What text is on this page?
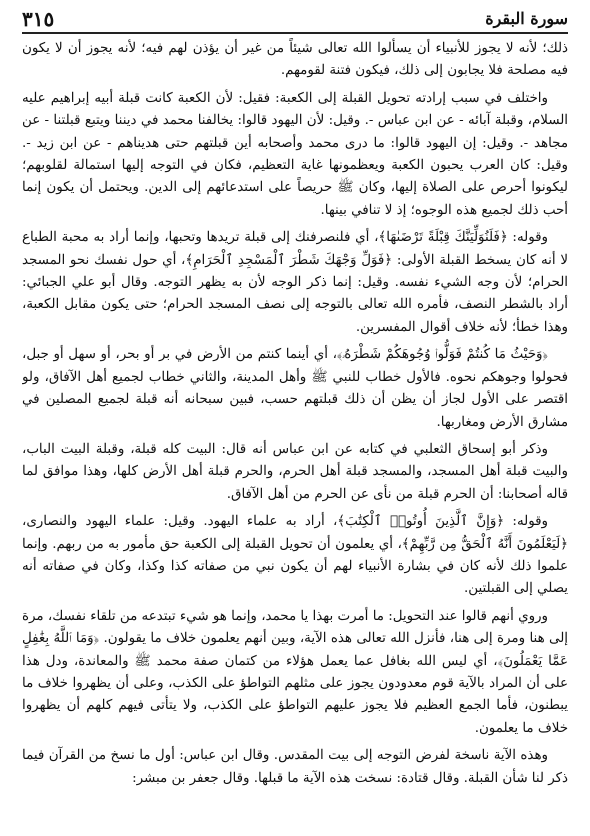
سورة البقرة
٣١٥

ذلك؛ لأنه لا يجوز للأنبياء أن يسألوا الله تعالى شيئاً من غير أن يؤذن لهم فيه؛ لأنه يجوز أن لا يكون فيه مصلحة فلا يجابون إلى ذلك، فيكون فتنة لقومهم.

واختلف في سبب إرادته تحويل القبلة إلى الكعبة: فقيل: لأن الكعبة كانت قبلة أبيه إبراهيم عليه السلام، وقبلة آبائه - عن ابن عباس -. وقيل: لأن اليهود قالوا: يخالفنا محمد في ديننا ويتبع قبلتنا - عن مجاهد -. وقيل: إن اليهود قالوا: ما درى محمد وأصحابه أين قبلتهم حتى هديناهم - عن ابن زيد -. وقيل: كان العرب يحبون الكعبة ويعظمونها غاية التعظيم، فكان في التوجه إليها استمالة لقلوبهم؛ ليكونوا أحرص على الصلاة إليها، وكان ﷺ حريصاً على استدعائهم إلى الدين. ويحتمل أن يكون إنما أحب ذلك لجميع هذه الوجوه؛ إذ لا تنافي بينها.

وقوله: ﴿فَلَنُوَلِّيَنَّكَ قِبْلَةً تَرْضَىٰهَا﴾، أي فلنصرفنك إلى قبلة تريدها وتحبها، وإنما أراد به محبة الطباع لا أنه كان يسخط القبلة الأولى: ﴿فَوَلِّ وَجْهَكَ شَطْرَ ٱلْمَسْجِدِ ٱلْحَرَامِ﴾، أي حول نفسك نحو المسجد الحرام؛ لأن وجه الشيء نفسه. وقيل: إنما ذكر الوجه لأن به يظهر التوجه. وقال أبو علي الجبائي: أراد بالشطر النصف، فأمره الله تعالى بالتوجه إلى نصف المسجد الحرام؛ حتى يكون مقابل الكعبة، وهذا خطأ؛ لأنه خلاف أقوال المفسرين.

﴿وَحَيْثُ مَا كُنتُمْ فَوَلُّوا۟ وُجُوهَكُمْ شَطْرَهُۥ﴾، أي أينما كنتم من الأرض في بر أو بحر، أو سهل أو جبل، فحولوا وجوهكم نحوه. فالأول خطاب للنبي ﷺ وأهل المدينة، والثاني خطاب لجميع أهل الآفاق، ولو اقتصر على الأول لجاز أن يظن أن ذلك قبلتهم حسب، فبين سبحانه أنه قبلة لجميع المصلين في مشارق الأرض ومغاربها.

وذكر أبو إسحاق الثعلبي في كتابه عن ابن عباس أنه قال: البيت كله قبلة، وقبلة البيت الباب، والبيت قبلة أهل المسجد، والمسجد قبلة أهل الحرم، والحرم قبلة أهل الأرض كلها، وهذا موافق لما قاله أصحابنا: أن الحرم قبلة من نأى عن الحرم من أهل الآفاق.

وقوله: ﴿وَإِنَّ ٱلَّذِينَ أُوتُوا۟ ٱلْكِتَٰبَ﴾، أراد به علماء اليهود. وقيل: علماء اليهود والنصارى، ﴿لَيَعْلَمُونَ أَنَّهُ ٱلْحَقُّ مِن رَّبِّهِمْ﴾، أي يعلمون أن تحويل القبلة إلى الكعبة حق مأمور به من ربهم. وإنما علموا ذلك لأنه كان في بشارة الأنبياء لهم أن يكون نبي من صفاته كذا وكذا، وكان في صفاته أنه يصلي إلى القبلتين.

وروي أنهم قالوا عند التحويل: ما أمرت بهذا يا محمد، وإنما هو شيء تبتدعه من تلقاء نفسك، مرة إلى هنا ومرة إلى هنا، فأنزل الله تعالى هذه الآية، وبين أنهم يعلمون خلاف ما يقولون. ﴿وَمَا ٱللَّهُ بِغَٰفِلٍ عَمَّا يَعْمَلُونَ﴾، أي ليس الله بغافل عما يعمل هؤلاء من كتمان صفة محمد ﷺ والمعاندة، ودل هذا على أن المراد بالآية قوم معدودون يجوز على مثلهم التواطؤ على الكذب، وعلى أن يظهروا خلاف ما يبطنون، فأما الجمع العظيم فلا يجوز عليهم التواطؤ على الكذب، ولا يتأتى فيهم كلهم أن يظهروا خلاف ما يعلمون.

وهذه الآية ناسخة لفرض التوجه إلى بيت المقدس. وقال ابن عباس: أول ما نسخ من القرآن فيما ذكر لنا شأن القبلة. وقال قتادة: نسخت هذه الآية ما قبلها. وقال جعفر بن مبشر:
